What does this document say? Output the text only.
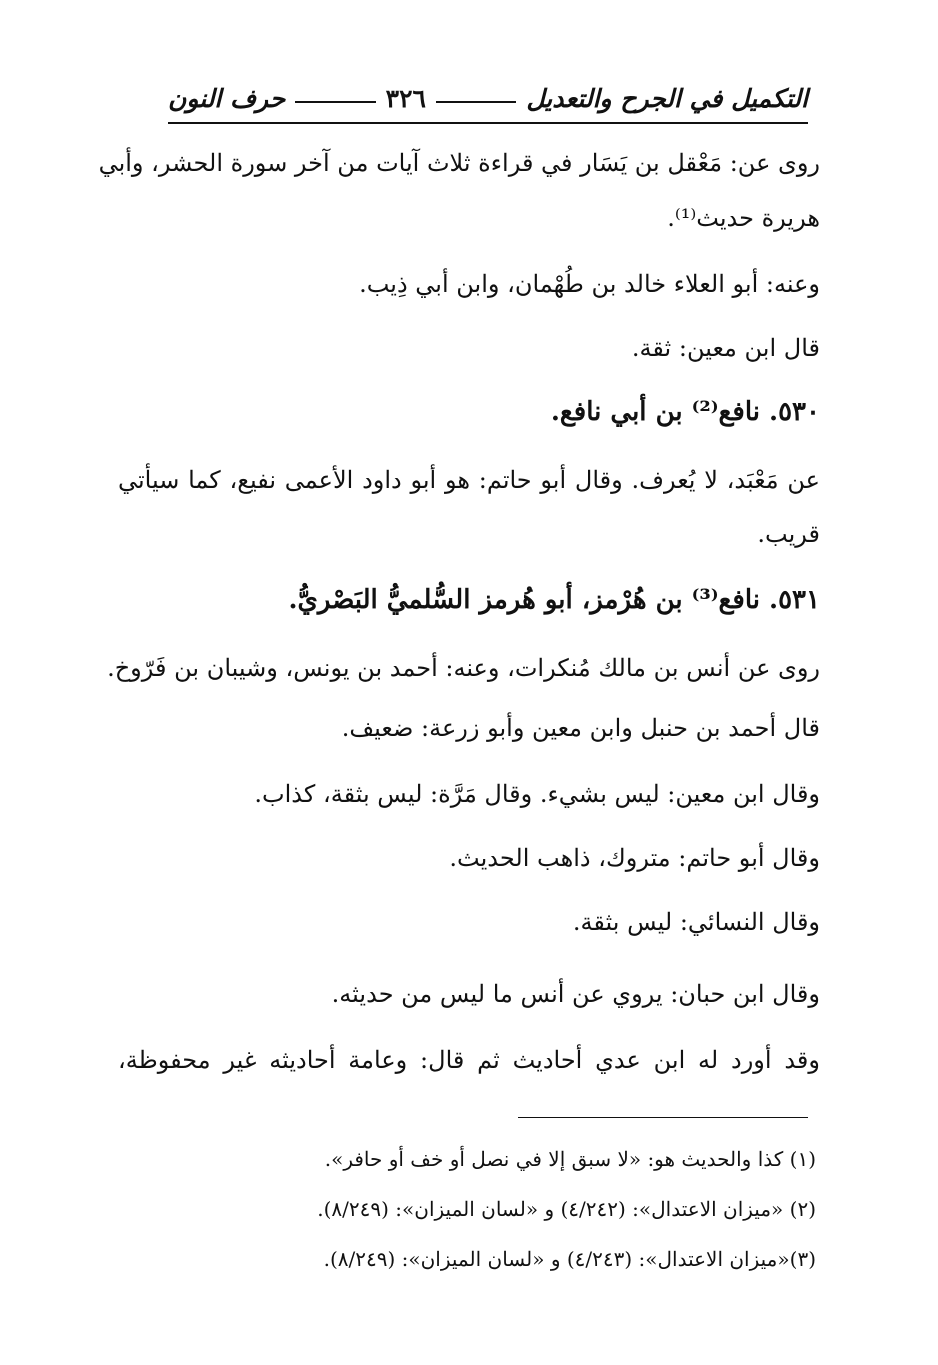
التكميل في الجرح والتعديل
٣٢٦
حرف النون
روى عن: مَعْقل بن يَسَار في قراءة ثلاث آيات من آخر سورة الحشر، وأبي
هريرة حديث⁽¹⁾.
وعنه: أبو العلاء خالد بن طُهْمان، وابن أبي ذِيب.
قال ابن معين: ثقة.
٥٣٠. نافع⁽²⁾ بن أبي نافع.
عن مَعْبَد، لا يُعرف. وقال أبو حاتم: هو أبو داود الأعمى نفيع، كما سيأتي
قريب.
٥٣١. نافع⁽³⁾ بن هُرْمز، أبو هُرمز السُّلميُّ البَصْريُّ.
روى عن أنس بن مالك مُنكرات، وعنه: أحمد بن يونس، وشيبان بن فَرّوخ.
قال أحمد بن حنبل وابن معين وأبو زرعة: ضعيف.
وقال ابن معين: ليس بشيء. وقال مَرَّة: ليس بثقة، كذاب.
وقال أبو حاتم: متروك، ذاهب الحديث.
وقال النسائي: ليس بثقة.
وقال ابن حبان: يروي عن أنس ما ليس من حديثه.
وقد أورد له ابن عدي أحاديث ثم قال: وعامة أحاديثه غير محفوظة،
(١) كذا والحديث هو: «لا سبق إلا في نصل أو خف أو حافر».
(٢) «ميزان الاعتدال»: (٤/٢٤٢) و «لسان الميزان»: (٨/٢٤٩).
(٣)«ميزان الاعتدال»: (٤/٢٤٣) و «لسان الميزان»: (٨/٢٤٩).
